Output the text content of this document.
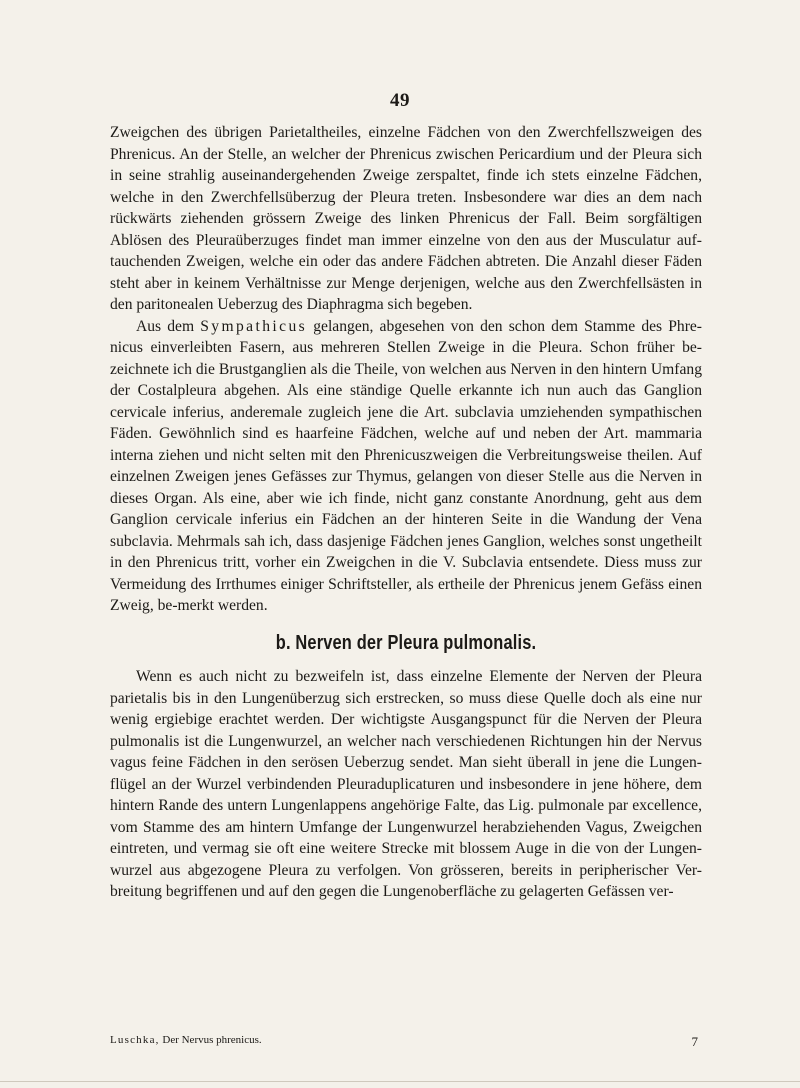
49

Zweigchen des übrigen Parietaltheiles, einzelne Fädchen von den Zwerchfellszweigen des Phrenicus. An der Stelle, an welcher der Phrenicus zwischen Pericardium und der Pleura sich in seine strahlig auseinandergehenden Zweige zerspaltet, finde ich stets einzelne Fädchen, welche in den Zwerchfellsüberzug der Pleura treten. Insbesondere war dies an dem nach rückwärts ziehenden grössern Zweige des linken Phrenicus der Fall. Beim sorgfältigen Ablösen des Pleuraüberzuges findet man immer einzelne von den aus der Musculatur auf-tauchenden Zweigen, welche ein oder das andere Fädchen abtreten. Die Anzahl dieser Fäden steht aber in keinem Verhältnisse zur Menge derjenigen, welche aus den Zwerchfellsästen in den paritonealen Ueberzug des Diaphragma sich begeben.

Aus dem Sympathicus gelangen, abgesehen von den schon dem Stamme des Phre-nicus einverleibten Fasern, aus mehreren Stellen Zweige in die Pleura. Schon früher be-zeichnete ich die Brustganglien als die Theile, von welchen aus Nerven in den hintern Umfang der Costalpleura abgehen. Als eine ständige Quelle erkannte ich nun auch das Ganglion cervicale inferius, anderemale zugleich jene die Art. subclavia umziehenden sympathischen Fäden. Gewöhnlich sind es haarfeine Fädchen, welche auf und neben der Art. mammaria interna ziehen und nicht selten mit den Phrenicuszweigen die Verbreitungsweise theilen. Auf einzelnen Zweigen jenes Gefässes zur Thymus, gelangen von dieser Stelle aus die Nerven in dieses Organ. Als eine, aber wie ich finde, nicht ganz constante Anordnung, geht aus dem Ganglion cervicale inferius ein Fädchen an der hinteren Seite in die Wandung der Vena subclavia. Mehrmals sah ich, dass dasjenige Fädchen jenes Ganglion, welches sonst ungetheilt in den Phrenicus tritt, vorher ein Zweigchen in die V. Subclavia entsendete. Diess muss zur Vermeidung des Irrthumes einiger Schriftsteller, als ertheile der Phrenicus jenem Gefäss einen Zweig, be-merkt werden.

b. Nerven der Pleura pulmonalis.

Wenn es auch nicht zu bezweifeln ist, dass einzelne Elemente der Nerven der Pleura parietalis bis in den Lungenüberzug sich erstrecken, so muss diese Quelle doch als eine nur wenig ergiebige erachtet werden. Der wichtigste Ausgangspunct für die Nerven der Pleura pulmonalis ist die Lungenwurzel, an welcher nach verschiedenen Richtungen hin der Nervus vagus feine Fädchen in den serösen Ueberzug sendet. Man sieht überall in jene die Lungen-flügel an der Wurzel verbindenden Pleuraduplicaturen und insbesondere in jene höhere, dem hintern Rande des untern Lungenlappens angehörige Falte, das Lig. pulmonale par excellence, vom Stamme des am hintern Umfange der Lungenwurzel herabziehenden Vagus, Zweigchen eintreten, und vermag sie oft eine weitere Strecke mit blossem Auge in die von der Lungen-wurzel aus abgezogene Pleura zu verfolgen. Von grösseren, bereits in peripherischer Ver-breitung begriffenen und auf den gegen die Lungenoberfläche zu gelagerten Gefässen ver-

Luschka, Der Nervus phrenicus.	7
